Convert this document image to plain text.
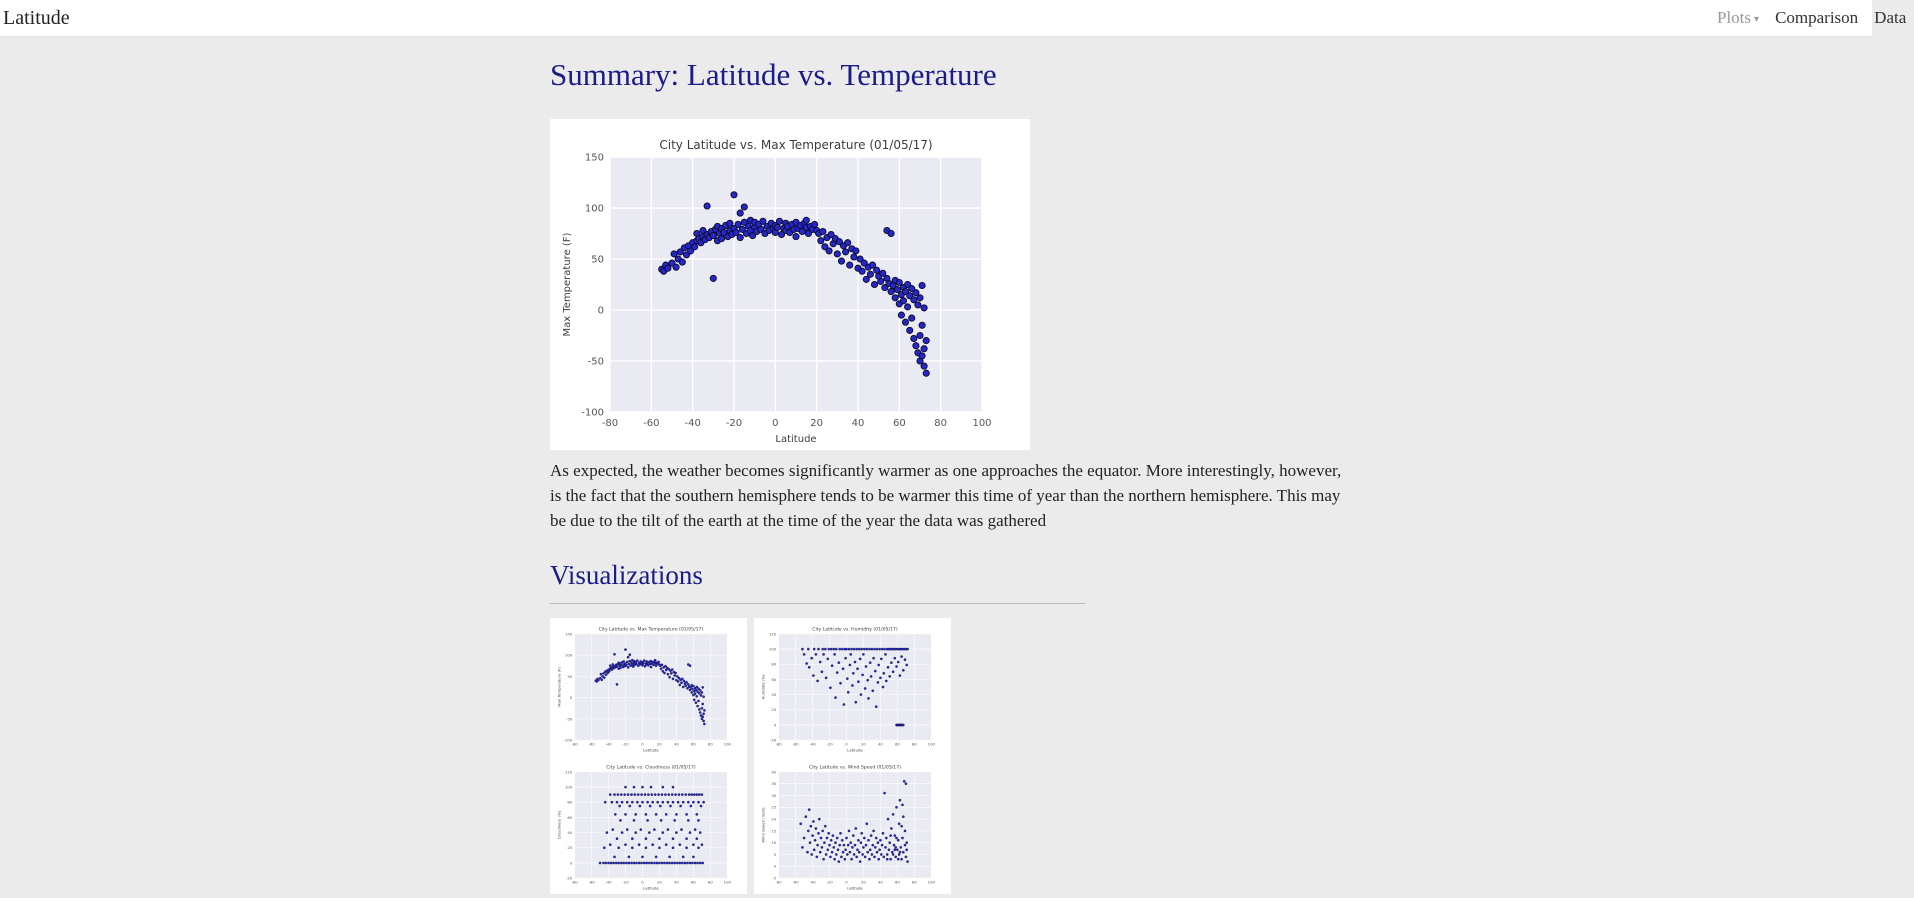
Latitude	Plots ▾ Comparison Data
Summary: Latitude vs. Temperature
-80 -60 -40 -20	0	20	40	60	80	100
-100
-50
0
50
100
150
City Latitude vs. Max Temperature (01/05/17)
Latitude
Max Temperature (F)

As expected, the weather becomes significantly warmer as one approaches the equator. More interestingly, however, is the fact that the southern hemisphere tends to be warmer this time of year than the northern hemisphere. This may be due to the tilt of the earth at the time of the year the data was gathered

Visualizations
-80	-60	-40	-20	0	20	40	60	80	100
-100
-50
0
50
100
150
City Latitude vs. Max Temperature (01/05/17)
Latitude
Max Temperature (F)
-80	-60	-40	-20	0	20	40	60	80	100
-20
0
20
40
60
80
100
120
City Latitude vs. Cloudiness (01/05/17)
Latitude
Cloudiness (%)
-80	-60	-40	-20	0	20	40	60	80	100
-20
0
20
40
60
80
100
120
City Latitude vs. Humidity (01/05/17)
Latitude
Humidity (%)
-80	-60	-40	-20	0	20	40	60	80	100
-5
0
5
10
15
20
25
30
35
40
City Latitude vs. Wind Speed (01/05/17)
Latitude
Wind Speed (mph)
